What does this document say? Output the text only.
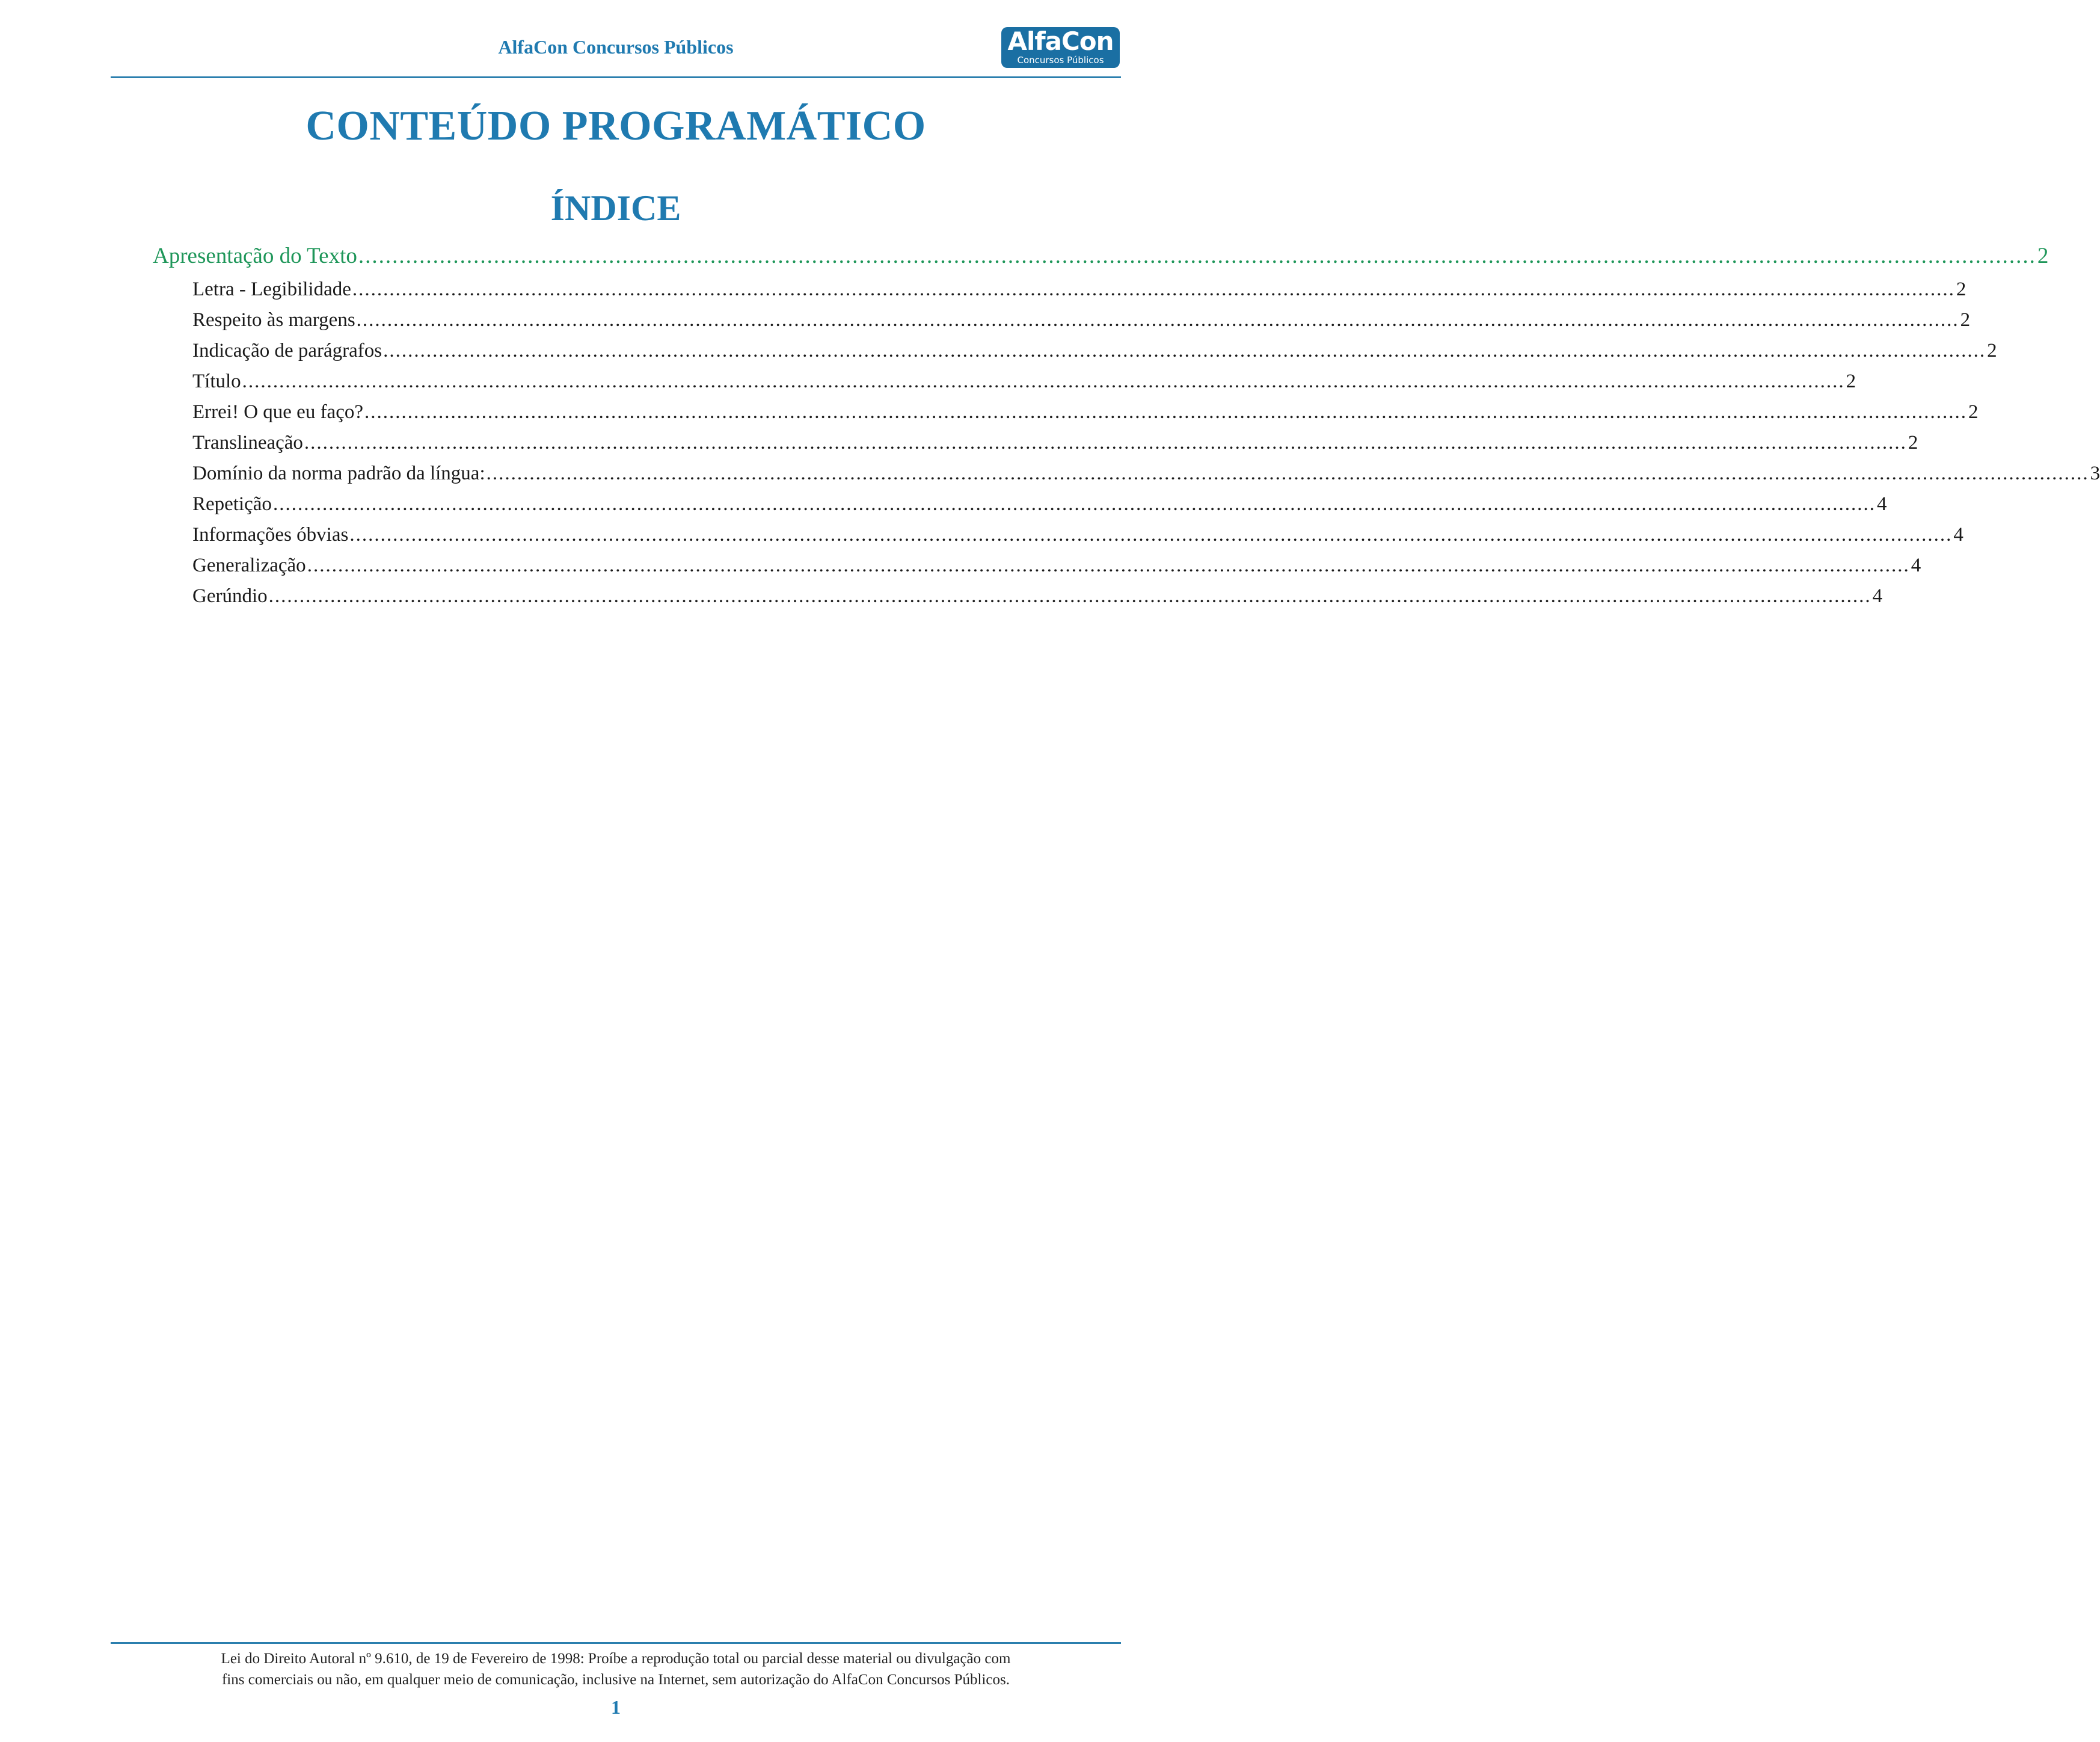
AlfaCon Concursos Públicos	AlfaCon
Concursos Públicos
CONTEÚDO PROGRAMÁTICO
ÍNDICE
Apresentação do Texto ........................................................................................................................................................................................................................................................ 2
Letra - Legibilidade .................................................................................................................................................................................................................................................................... 2
Respeito às margens .................................................................................................................................................................................................................................................................... 2
Indicação de parágrafos .................................................................................................................................................................................................................................................................... 2
Título .................................................................................................................................................................................................................................................................... 2
Errei! O que eu faço? .................................................................................................................................................................................................................................................................... 2
Translineação .................................................................................................................................................................................................................................................................... 2
Domínio da norma padrão da língua: .................................................................................................................................................................................................................................................................... 3
Repetição .................................................................................................................................................................................................................................................................... 4
Informações óbvias .................................................................................................................................................................................................................................................................... 4
Generalização .................................................................................................................................................................................................................................................................... 4
Gerúndio .................................................................................................................................................................................................................................................................... 4
Lei do Direito Autoral nº 9.610, de 19 de Fevereiro de 1998: Proíbe a reprodução total ou parcial desse material ou divulgação com
fins comerciais ou não, em qualquer meio de comunicação, inclusive na Internet, sem autorização do AlfaCon Concursos Públicos.
1
